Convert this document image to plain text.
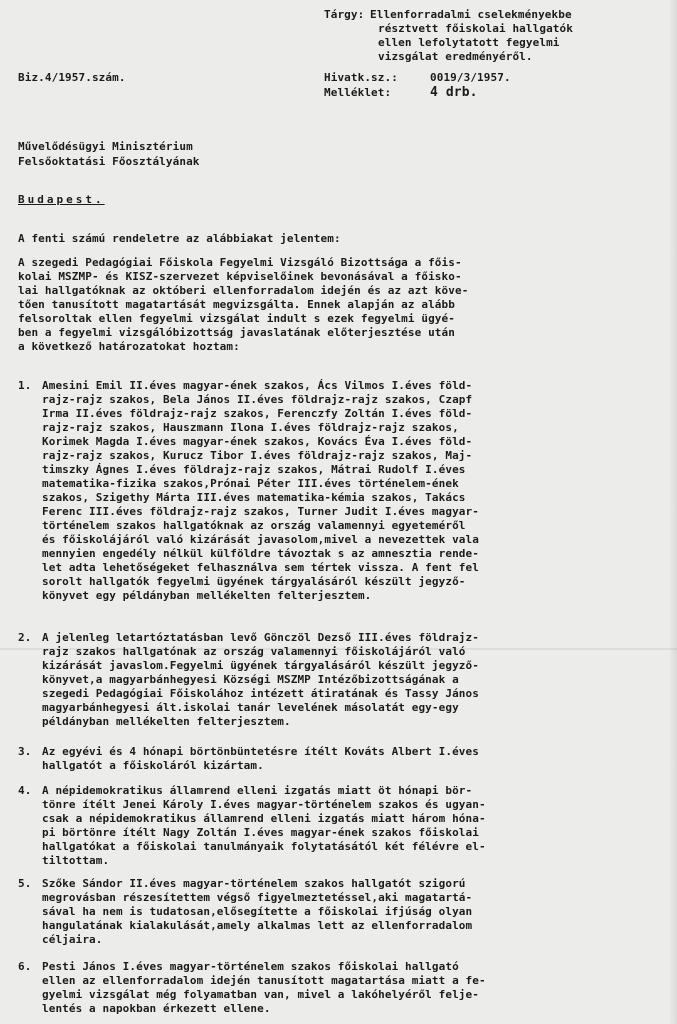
Tárgy: Ellenforradalmi cselekményekbe
résztvett főiskolai hallgatók
ellen lefolytatott fegyelmi
vizsgálat eredményéről.
Biz.4/1957.szám.	Hivatk.sz.:	0019/3/1957.
Melléklet:	4 drb.
Művelődésügyi Minisztérium
Felsőoktatási Főosztályának
Budapest.
A fenti számú rendeletre az alábbiakat jelentem:
A szegedi Pedagógiai Főiskola Fegyelmi Vizsgáló Bizottsága a főis-
kolai MSZMP- és KISZ-szervezet képviselőinek bevonásával a főisko-
lai hallgatóknak az októberi ellenforradalom idején és az azt köve-
tően tanusított magatartását megvizsgálta. Ennek alapján az alább
felsoroltak ellen fegyelmi vizsgálat indult s ezek fegyelmi ügyé-
ben a fegyelmi vizsgálóbizottság javaslatának előterjesztése után
a következő határozatokat hoztam:
1. Amesini Emil II.éves magyar-ének szakos, Ács Vilmos I.éves föld-
rajz-rajz szakos, Bela János II.éves földrajz-rajz szakos, Czapf
Irma II.éves földrajz-rajz szakos, Ferenczfy Zoltán I.éves föld-
rajz-rajz szakos, Hauszmann Ilona I.éves földrajz-rajz szakos,
Korimek Magda I.éves magyar-ének szakos, Kovács Éva I.éves föld-
rajz-rajz szakos, Kurucz Tibor I.éves földrajz-rajz szakos, Maj-
timszky Ágnes I.éves földrajz-rajz szakos, Mátrai Rudolf I.éves
matematika-fizika szakos,Prónai Péter III.éves történelem-ének
szakos, Szigethy Márta III.éves matematika-kémia szakos, Takács
Ferenc III.éves földrajz-rajz szakos, Turner Judit I.éves magyar-
történelem szakos hallgatóknak az ország valamennyi egyeteméről
és főiskolájáról való kizárását javasolom,mivel a nevezettek vala
mennyien engedély nélkül külföldre távoztak s az amnesztia rende-
let adta lehetőségeket felhasználva sem tértek vissza. A fent fel
sorolt hallgatók fegyelmi ügyének tárgyalásáról készült jegyző-
könyvet egy példányban mellékelten felterjesztem.
2. A jelenleg letartóztatásban levő Gönczöl Dezső III.éves földrajz-
rajz szakos hallgatónak az ország valamennyi főiskolájáról való
kizárását javaslom.Fegyelmi ügyének tárgyalásáról készült jegyző-
könyvet,a magyarbánhegyesi Községi MSZMP Intézőbizottságának a
szegedi Pedagógiai Főiskolához intézett átiratának és Tassy János
magyarbánhegyesi ált.iskolai tanár levelének másolatát egy-egy
példányban mellékelten felterjesztem.
3. Az egyévi és 4 hónapi börtönbüntetésre ítélt Kováts Albert I.éves
hallgatót a főiskoláról kizártam.
4. A népidemokratikus államrend elleni izgatás miatt öt hónapi bör-
tönre ítélt Jenei Károly I.éves magyar-történelem szakos és ugyan-
csak a népidemokratikus államrend elleni izgatás miatt három hóna-
pi börtönre ítélt Nagy Zoltán I.éves magyar-ének szakos főiskolai
hallgatókat a főiskolai tanulmányaik folytatásától két félévre el-
tiltottam.
5. Szőke Sándor II.éves magyar-történelem szakos hallgatót szigorú
megrovásban részesítettem végső figyelmeztetéssel,aki magatartá-
sával ha nem is tudatosan,elősegítette a főiskolai ifjúság olyan
hangulatának kialakulását,amely alkalmas lett az ellenforradalom
céljaira.
6. Pesti János I.éves magyar-történelem szakos főiskolai hallgató
ellen az ellenforradalom idején tanusított magatartása miatt a fe-
gyelmi vizsgálat még folyamatban van, mivel a lakóhelyéről felje-
lentés a napokban érkezett ellene.
